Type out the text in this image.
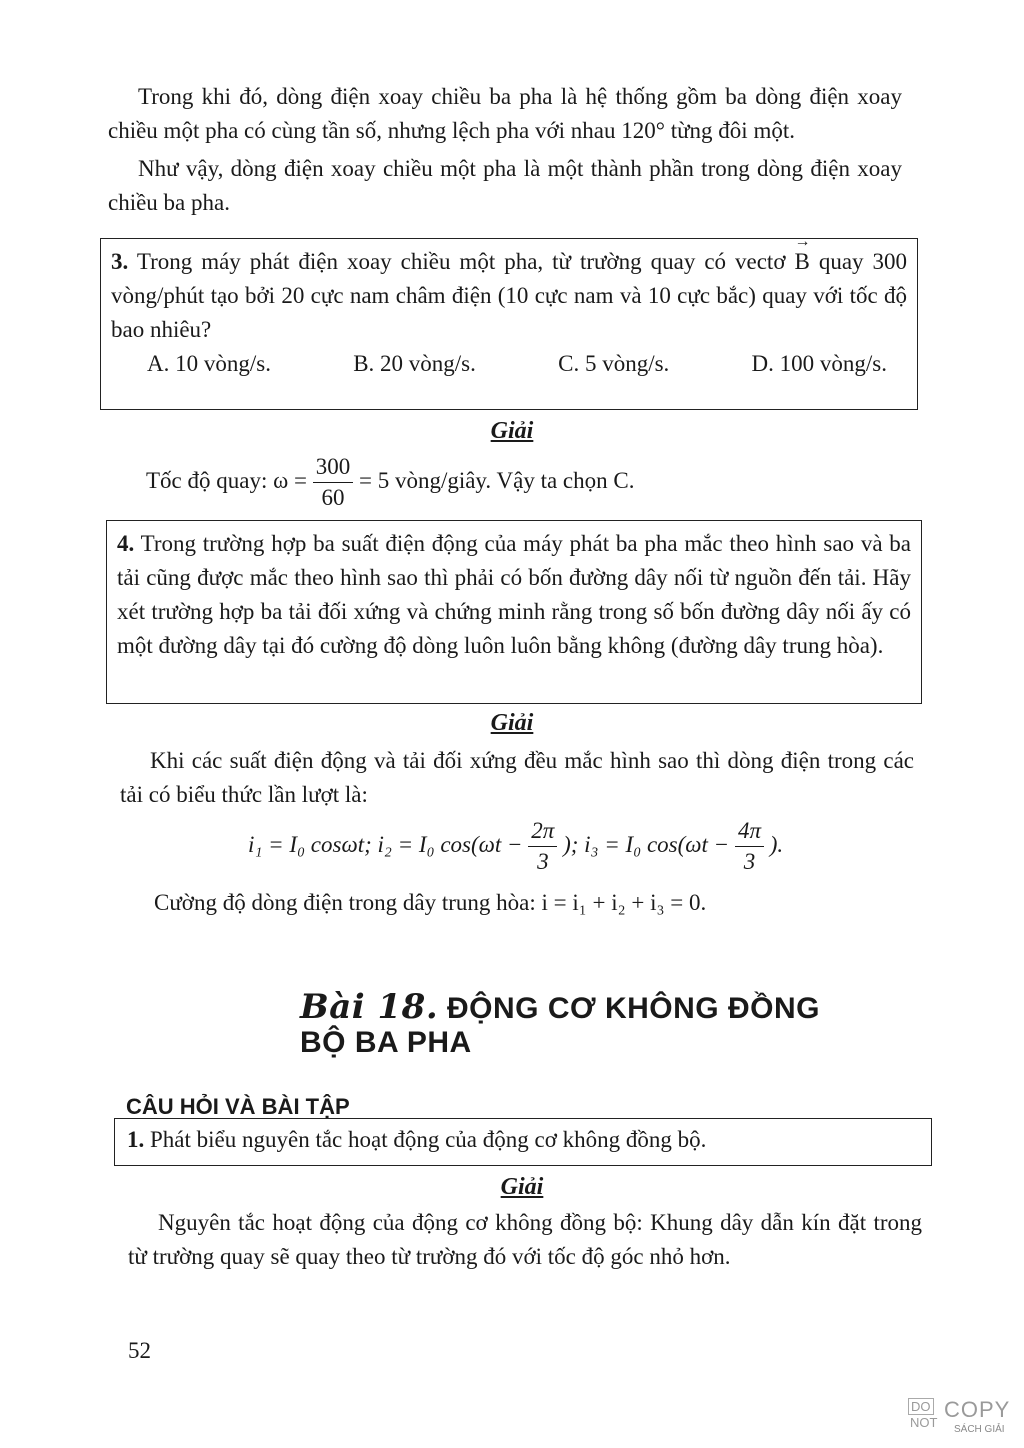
Trong khi đó, dòng điện xoay chiều ba pha là hệ thống gồm ba dòng điện xoay chiều một pha có cùng tần số, nhưng lệch pha với nhau 120° từng đôi một.

Như vậy, dòng điện xoay chiều một pha là một thành phần trong dòng điện xoay chiều ba pha.

3. Trong máy phát điện xoay chiều một pha, từ trường quay có vectơ → B quay 300 vòng/phút tạo bởi 20 cực nam châm điện (10 cực nam và 10 cực bắc) quay với tốc độ bao nhiêu?

A. 10 vòng/s.	B. 20 vòng/s.	C. 5 vòng/s.	D. 100 vòng/s.
Giải
Tốc độ quay: $\omega = \frac{300}{60} = 5$ vòng/giây. Vậy ta chọn C.

4. Trong trường hợp ba suất điện động của máy phát ba pha mắc theo hình sao và ba tải cũng được mắc theo hình sao thì phải có bốn đường dây nối từ nguồn đến tải. Hãy xét trường hợp ba tải đối xứng và chứng minh rằng trong số bốn đường dây nối ấy có một đường dây tại đó cường độ dòng luôn luôn bằng không (đường dây trung hòa).

Giải

Khi các suất điện động và tải đối xứng đều mắc hình sao thì dòng điện trong các tải có biểu thức lần lượt là:

i₁ = I₀ cosωt; i₂ = I₀ $\cos(\omega t - \frac{2\pi}{3}$ ); i₃ = I₀ $\cos(\omega t - \frac{4\pi}{3}$ ).
Cường độ dòng điện trong dây trung hòa: i = i₁ + i₂ + i₃ = 0.
Bài 18. ĐỘNG CƠ KHÔNG ĐỒNG BỘ BA PHA
CÂU HỎI VÀ BÀI TẬP
1. Phát biểu nguyên tắc hoạt động của động cơ không đồng bộ.
Giải

Nguyên tắc hoạt động của động cơ không đồng bộ: Khung dây dẫn kín đặt trong từ trường quay sẽ quay theo từ trường đó với tốc độ góc nhỏ hơn.

52
DO
NOT
COPY
SÁCH GIẢI
